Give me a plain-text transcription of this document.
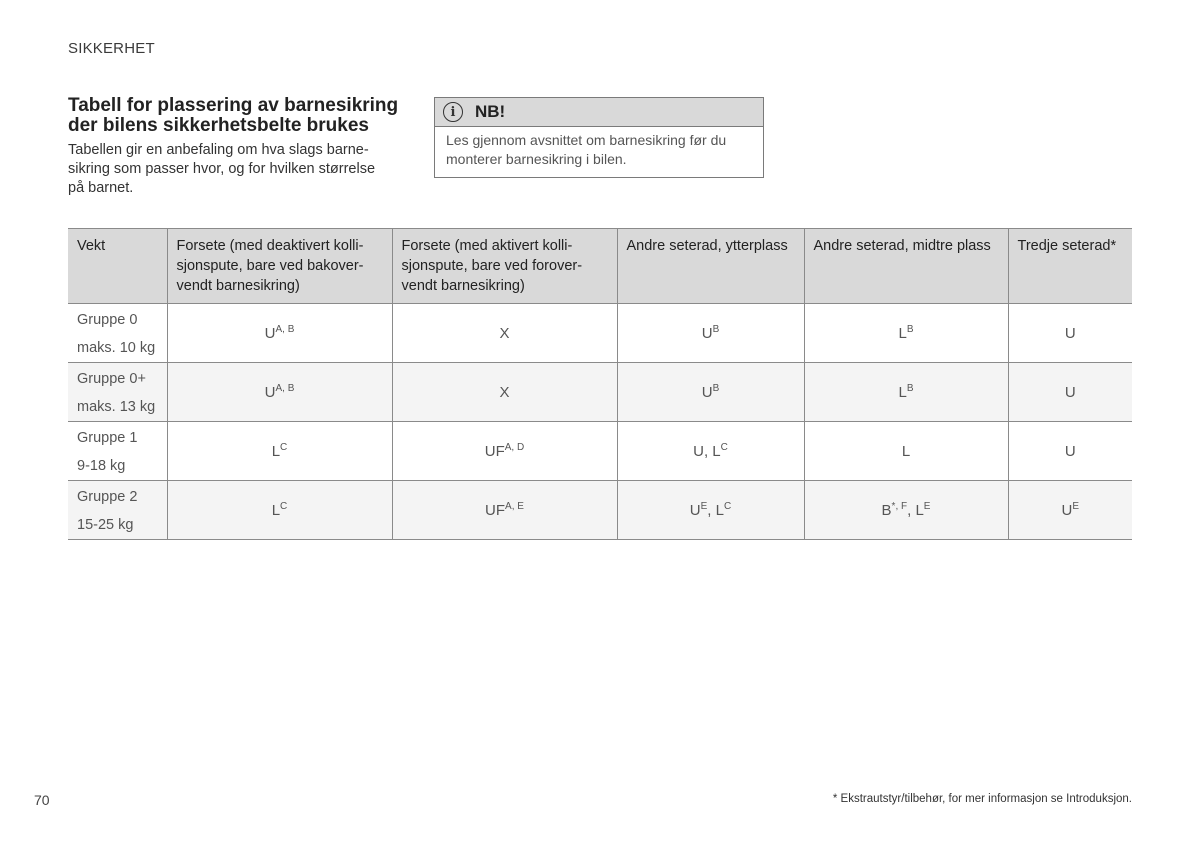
SIKKERHET
Tabell for plassering av barnesikring der bilens sikkerhetsbelte brukes
Tabellen gir en anbefaling om hva slags barne-
sikring som passer hvor, og for hvilken størrelse
på barnet.
i	NB!
Les gjennom avsnittet om barnesikring før du
monterer barnesikring i bilen.
Vekt	Forsete (med deaktivert kolli-
sjonspute, bare ved bakover-
vendt barnesikring)	Forsete (med aktivert kolli-
sjonspute, bare ved forover-
vendt barnesikring)	Andre seterad, ytterplass	Andre seterad, midtre plass	Tredje seterad*

Gruppe 0
maks. 10 kg	$U^{A, B}$	X	$U^B$	$L^B$	U

Gruppe 0+
maks. 13 kg	$U^{A, B}$	X	$U^B$	$L^B$	U

Gruppe 1
9-18 kg	$L^C$	$UF^{A, D}$	U, $L^C$	L	U

Gruppe 2
15-25 kg	$L^C$	$UF^{A, E}$	$U^E$, $L^C$	$B^{*, F}$, $L^E$	$U^E$
70	* Ekstrautstyr/tilbehør, for mer informasjon se Introduksjon.
